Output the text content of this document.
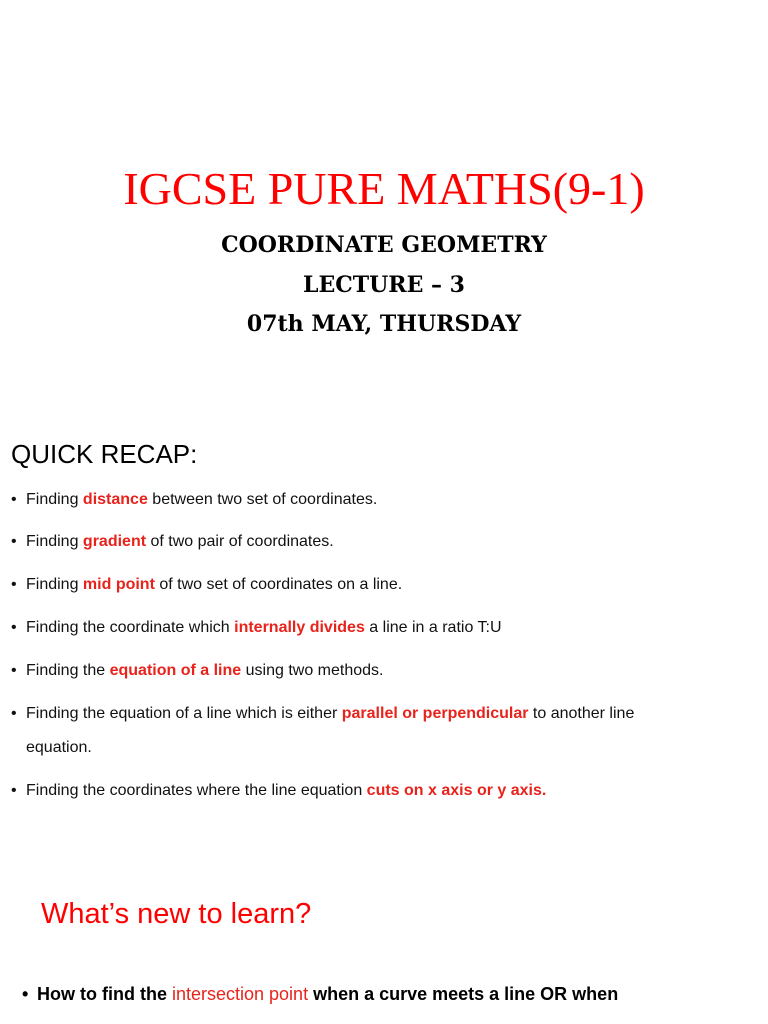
IGCSE PURE MATHS(9-1)
COORDINATE GEOMETRY
LECTURE – 3
07th MAY, THURSDAY
QUICK RECAP:
• Finding distance between two set of coordinates.
• Finding gradient of two pair of coordinates.
• Finding mid point of two set of coordinates on a line.
• Finding the coordinate which internally divides a line in a ratio T:U
• Finding the equation of a line using two methods.
• Finding the equation of a line which is either parallel or perpendicular to another line
equation.
• Finding the coordinates where the line equation cuts on x axis or y axis.
What’s new to learn?
• How to find the intersection point when a curve meets a line OR when
